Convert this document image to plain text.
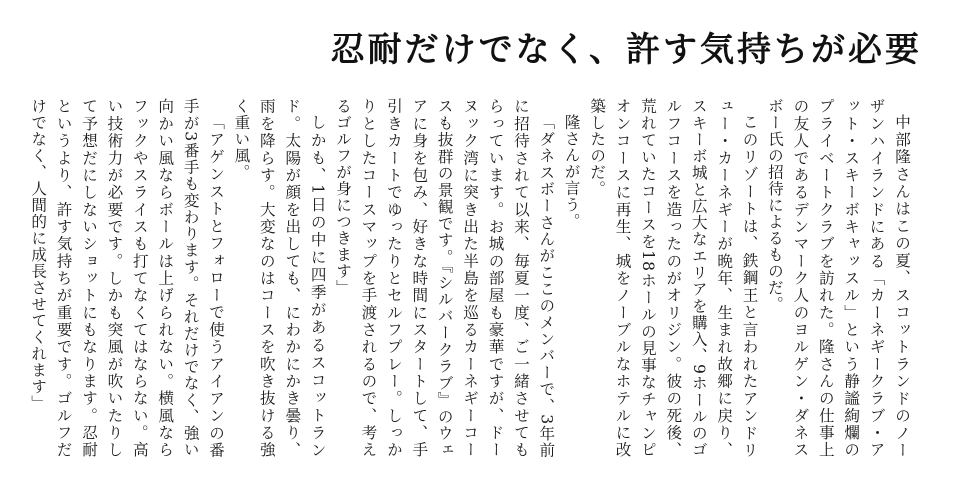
忍耐だけでなく、許す気持ちが必要

中部隆さんはこの夏、スコットランドのノーザンハイランドにある「カーネギークラブ・アット・スキーボキャッスル」という静謐絢爛のプライベートクラブを訪れた。隆さんの仕事上の友人であるデンマーク人のヨルゲン・ダネスボー氏の招待によるものだ。

このリゾートは、鉄鋼王と言われたアンドリュー・カーネギーが晩年、生まれ故郷に戻り、スキーボ城と広大なエリアを購入、9ホールのゴルフコースを造ったのがオリジン。彼の死後、荒れていたコースを18ホールの見事なチャンピオンコースに再生、城をノーブルなホテルに改築したのだ。

隆さんが言う。

「ダネスボーさんがここのメンバーで、3年前に招待されて以来、毎夏一度、ご一緒させてもらっています。お城の部屋も豪華ですが、ドーヌック湾に突き出た半島を巡るカーネギーコースも抜群の景観です。『シルバークラブ』のウェアに身を包み、好きな時間にスタートして、手引きカートでゆったりとセルフプレー。しっかりとしたコースマップを手渡されるので、考えるゴルフが身につきます」

しかも、1日の中に四季があるスコットランド。太陽が顔を出しても、にわかにかき曇り、雨を降らす。大変なのはコースを吹き抜ける強く重い風。

「アゲンストとフォローで使うアイアンの番手が3番手も変わります。それだけでなく、強い向かい風ならボールは上げられない。横風ならフックやスライスも打てなくてはならない。高い技術力が必要です。しかも突風が吹いたりして予想だにしないショットにもなります。忍耐というより、許す気持ちが重要です。ゴルフだけでなく、人間的に成長させてくれます」
